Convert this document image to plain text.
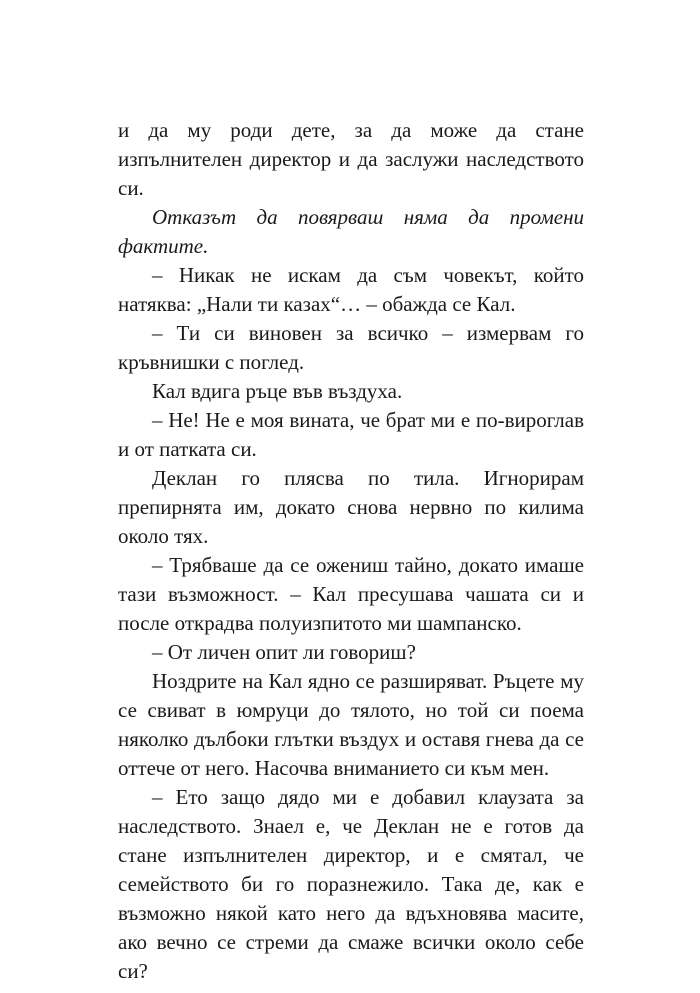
и да му роди дете, за да може да стане изпълнителен директор и да заслужи наследството си.

Отказът да повярваш няма да промени фактите.

– Никак не искам да съм човекът, който натяква: „Нали ти казах“… – обажда се Кал.

– Ти си виновен за всичко – измервам го кръвнишки с поглед.

Кал вдига ръце във въздуха.

– Не! Не е моя вината, че брат ми е по-вироглав и от патката си.

Деклан го плясва по тила. Игнорирам препирнята им, докато снова нервно по килима около тях.

– Трябваше да се ожениш тайно, докато имаше тази възможност. – Кал пресушава чашата си и после открадва полуизпитото ми шампанско.

– От личен опит ли говориш?

Ноздрите на Кал ядно се разширяват. Ръцете му се свиват в юмруци до тялото, но той си поема няколко дълбоки глътки въздух и оставя гнева да се оттече от него. Насочва вниманието си към мен.

– Ето защо дядо ми е добавил клаузата за наследството. Знаел е, че Деклан не е готов да стане изпълнителен директор, и е смятал, че семейството би го поразнежило. Така де, как е възможно някой като него да вдъхновява масите, ако вечно се стреми да смаже всички около себе си?
